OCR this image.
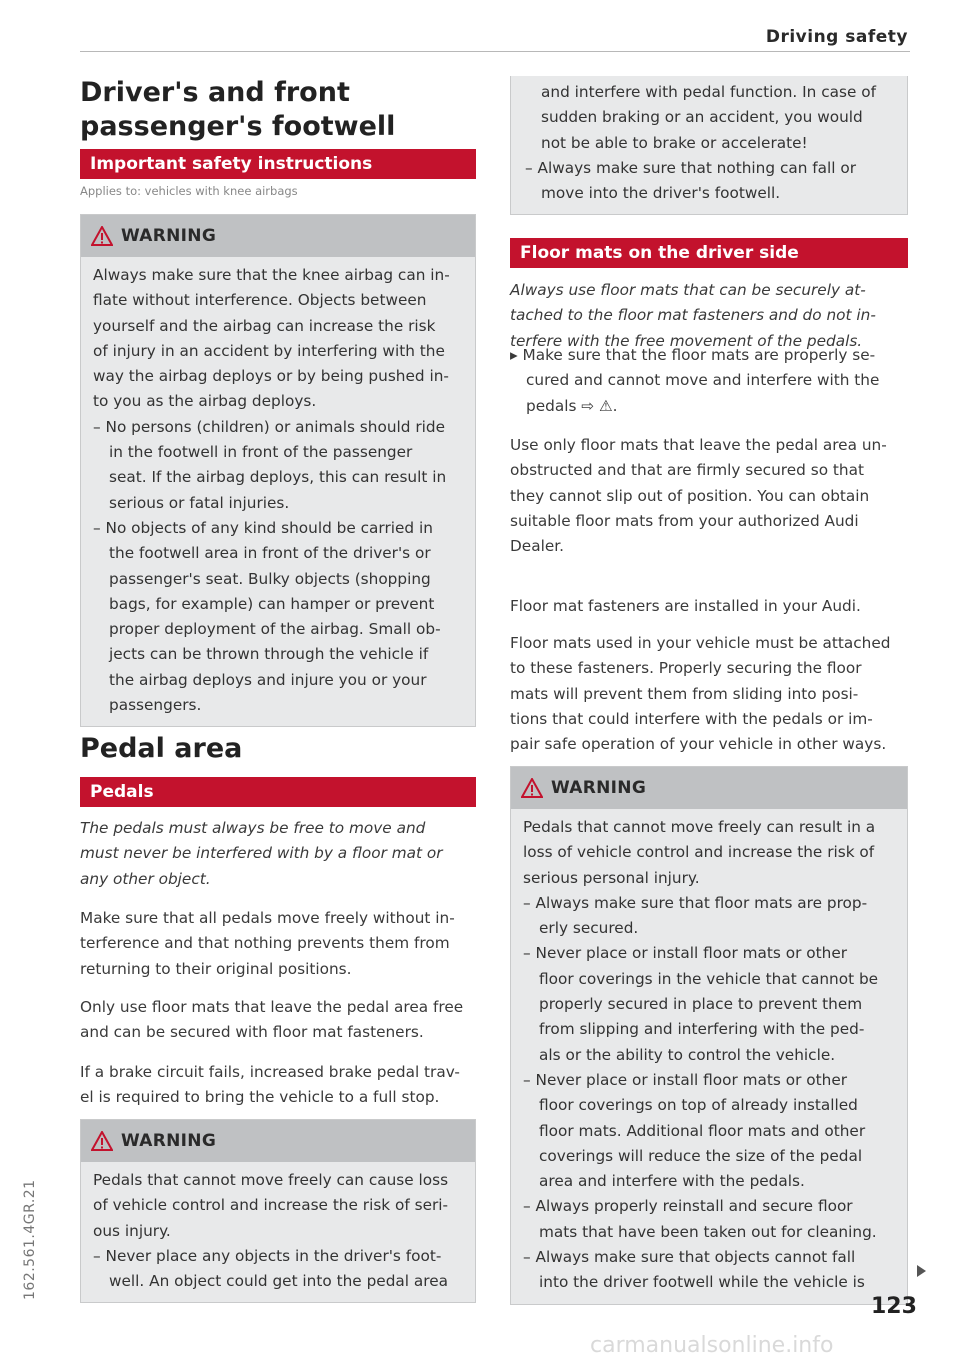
Driving safety
Driver's and front
passenger's footwell
Important safety instructions
Applies to: vehicles with knee airbags
WARNING

Always make sure that the knee airbag can in-

flate without interference. Objects between

yourself and the airbag can increase the risk

of injury in an accident by interfering with the

way the airbag deploys or by being pushed in-

to you as the airbag deploys.

– No persons (children) or animals should ride

in the footwell in front of the passenger

seat. If the airbag deploys, this can result in

serious or fatal injuries.

– No objects of any kind should be carried in

the footwell area in front of the driver's or

passenger's seat. Bulky objects (shopping

bags, for example) can hamper or prevent

proper deployment of the airbag. Small ob-

jects can be thrown through the vehicle if

the airbag deploys and injure you or your

passengers.

Pedal area
Pedals

The pedals must always be free to move and

must never be interfered with by a floor mat or

any other object.

Make sure that all pedals move freely without in-

terference and that nothing prevents them from

returning to their original positions.

Only use floor mats that leave the pedal area free

and can be secured with floor mat fasteners.

If a brake circuit fails, increased brake pedal trav-

el is required to bring the vehicle to a full stop.

WARNING

Pedals that cannot move freely can cause loss

of vehicle control and increase the risk of seri-

ous injury.

– Never place any objects in the driver's foot-

well. An object could get into the pedal area

and interfere with pedal function. In case of

sudden braking or an accident, you would

not be able to brake or accelerate!

– Always make sure that nothing can fall or

move into the driver's footwell.

Floor mats on the driver side

Always use floor mats that can be securely at-

tached to the floor mat fasteners and do not in-

terfere with the free movement of the pedals.

▸ Make sure that the floor mats are properly se-

cured and cannot move and interfere with the

pedals ⇨ ⚠.

Use only floor mats that leave the pedal area un-

obstructed and that are firmly secured so that

they cannot slip out of position. You can obtain

suitable floor mats from your authorized Audi

Dealer.

Floor mat fasteners are installed in your Audi.

Floor mats used in your vehicle must be attached

to these fasteners. Properly securing the floor

mats will prevent them from sliding into posi-

tions that could interfere with the pedals or im-

pair safe operation of your vehicle in other ways.

WARNING

Pedals that cannot move freely can result in a

loss of vehicle control and increase the risk of

serious personal injury.

– Always make sure that floor mats are prop-

erly secured.

– Never place or install floor mats or other

floor coverings in the vehicle that cannot be

properly secured in place to prevent them

from slipping and interfering with the ped-

als or the ability to control the vehicle.

– Never place or install floor mats or other

floor coverings on top of already installed

floor mats. Additional floor mats and other

coverings will reduce the size of the pedal

area and interfere with the pedals.

– Always properly reinstall and secure floor

mats that have been taken out for cleaning.

– Always make sure that objects cannot fall

into the driver footwell while the vehicle is

123
162.561.4GR.21
carmanualsonline.info
